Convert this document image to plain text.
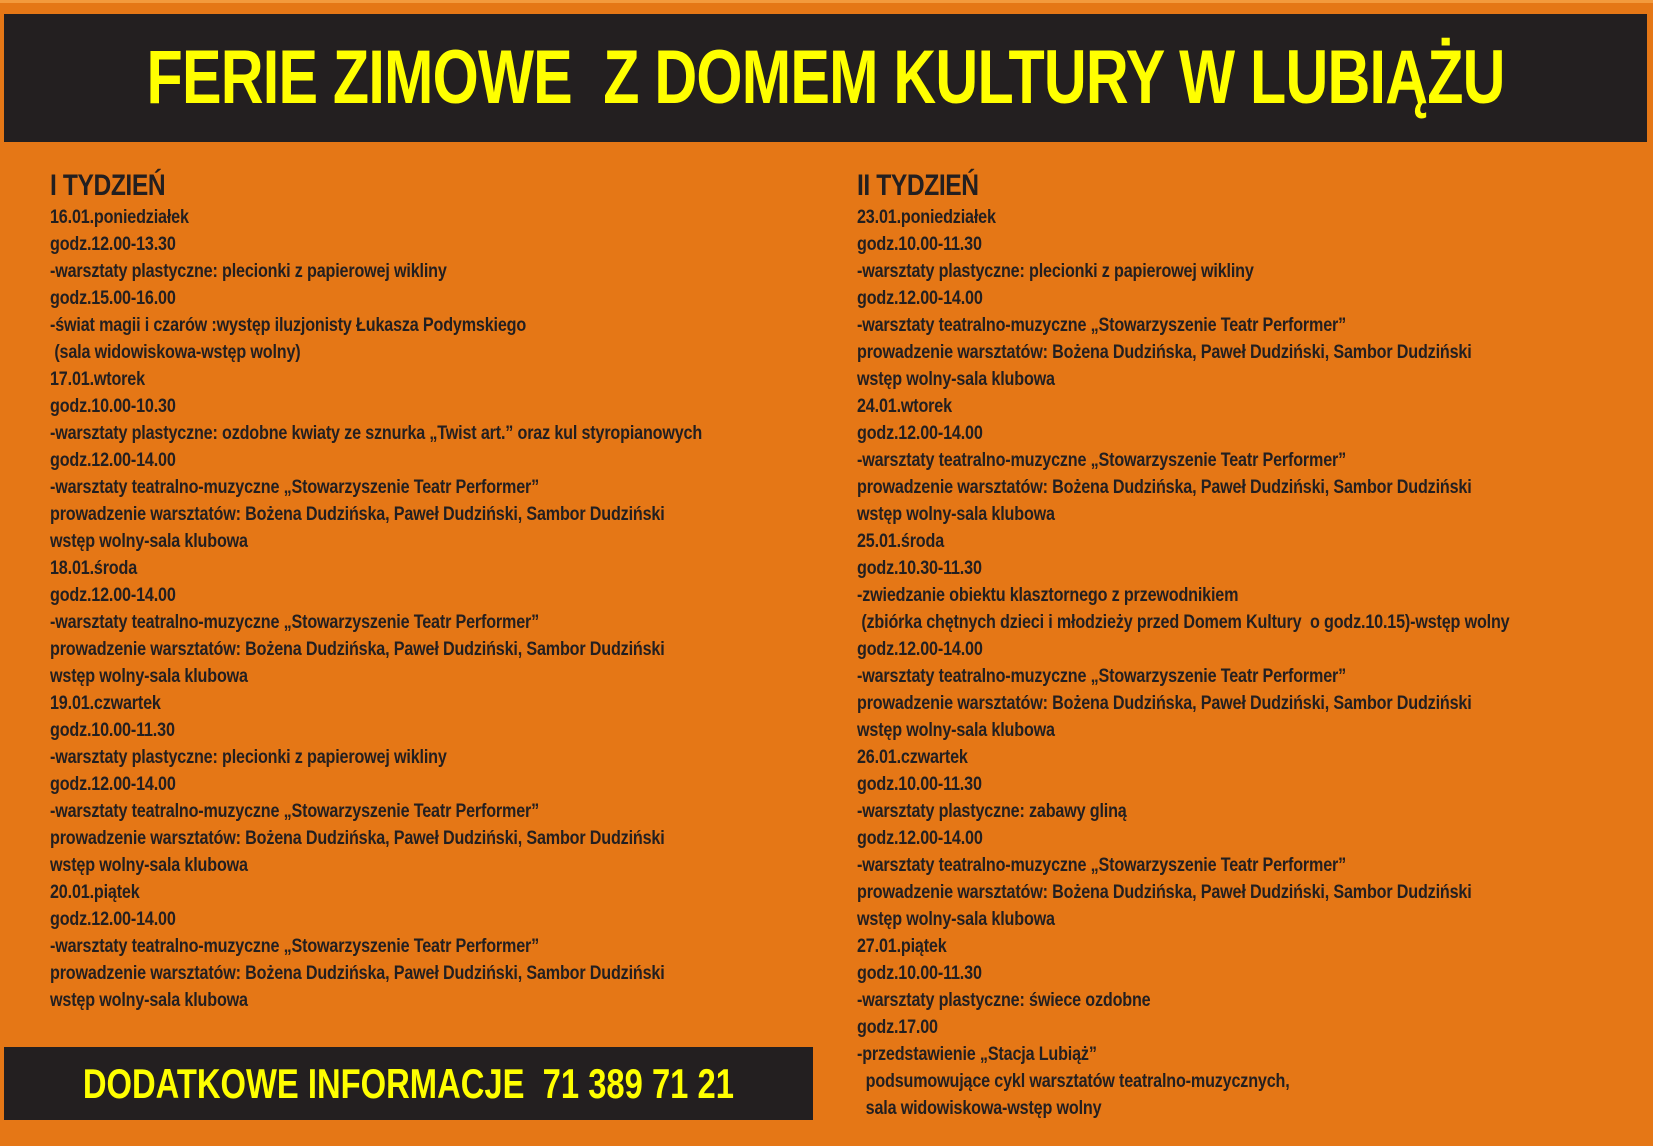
FERIE ZIMOWE  Z DOMEM KULTURY W LUBIĄŻU
I TYDZIEŃ
16.01.poniedziałek
godz.12.00-13.30
-warsztaty plastyczne: plecionki z papierowej wikliny
godz.15.00-16.00
-świat magii i czarów :występ iluzjonisty Łukasza Podymskiego
(sala widowiskowa-wstęp wolny)
17.01.wtorek
godz.10.00-10.30
-warsztaty plastyczne: ozdobne kwiaty ze sznurka „Twist art.” oraz kul styropianowych
godz.12.00-14.00
-warsztaty teatralno-muzyczne „Stowarzyszenie Teatr Performer”
prowadzenie warsztatów: Bożena Dudzińska, Paweł Dudziński, Sambor Dudziński
wstęp wolny-sala klubowa
18.01.środa
godz.12.00-14.00
-warsztaty teatralno-muzyczne „Stowarzyszenie Teatr Performer”
prowadzenie warsztatów: Bożena Dudzińska, Paweł Dudziński, Sambor Dudziński
wstęp wolny-sala klubowa
19.01.czwartek
godz.10.00-11.30
-warsztaty plastyczne: plecionki z papierowej wikliny
godz.12.00-14.00
-warsztaty teatralno-muzyczne „Stowarzyszenie Teatr Performer”
prowadzenie warsztatów: Bożena Dudzińska, Paweł Dudziński, Sambor Dudziński
wstęp wolny-sala klubowa
20.01.piątek
godz.12.00-14.00
-warsztaty teatralno-muzyczne „Stowarzyszenie Teatr Performer”
prowadzenie warsztatów: Bożena Dudzińska, Paweł Dudziński, Sambor Dudziński
wstęp wolny-sala klubowa
II TYDZIEŃ
23.01.poniedziałek
godz.10.00-11.30
-warsztaty plastyczne: plecionki z papierowej wikliny
godz.12.00-14.00
-warsztaty teatralno-muzyczne „Stowarzyszenie Teatr Performer”
prowadzenie warsztatów: Bożena Dudzińska, Paweł Dudziński, Sambor Dudziński
wstęp wolny-sala klubowa
24.01.wtorek
godz.12.00-14.00
-warsztaty teatralno-muzyczne „Stowarzyszenie Teatr Performer”
prowadzenie warsztatów: Bożena Dudzińska, Paweł Dudziński, Sambor Dudziński
wstęp wolny-sala klubowa
25.01.środa
godz.10.30-11.30
-zwiedzanie obiektu klasztornego z przewodnikiem
(zbiórka chętnych dzieci i młodzieży przed Domem Kultury  o godz.10.15)-wstęp wolny
godz.12.00-14.00
-warsztaty teatralno-muzyczne „Stowarzyszenie Teatr Performer”
prowadzenie warsztatów: Bożena Dudzińska, Paweł Dudziński, Sambor Dudziński
wstęp wolny-sala klubowa
26.01.czwartek
godz.10.00-11.30
-warsztaty plastyczne: zabawy gliną
godz.12.00-14.00
-warsztaty teatralno-muzyczne „Stowarzyszenie Teatr Performer”
prowadzenie warsztatów: Bożena Dudzińska, Paweł Dudziński, Sambor Dudziński
wstęp wolny-sala klubowa
27.01.piątek
godz.10.00-11.30
-warsztaty plastyczne: świece ozdobne
godz.17.00
-przedstawienie „Stacja Lubiąż”
podsumowujące cykl warsztatów teatralno-muzycznych,
sala widowiskowa-wstęp wolny
DODATKOWE INFORMACJE  71 389 71 21
